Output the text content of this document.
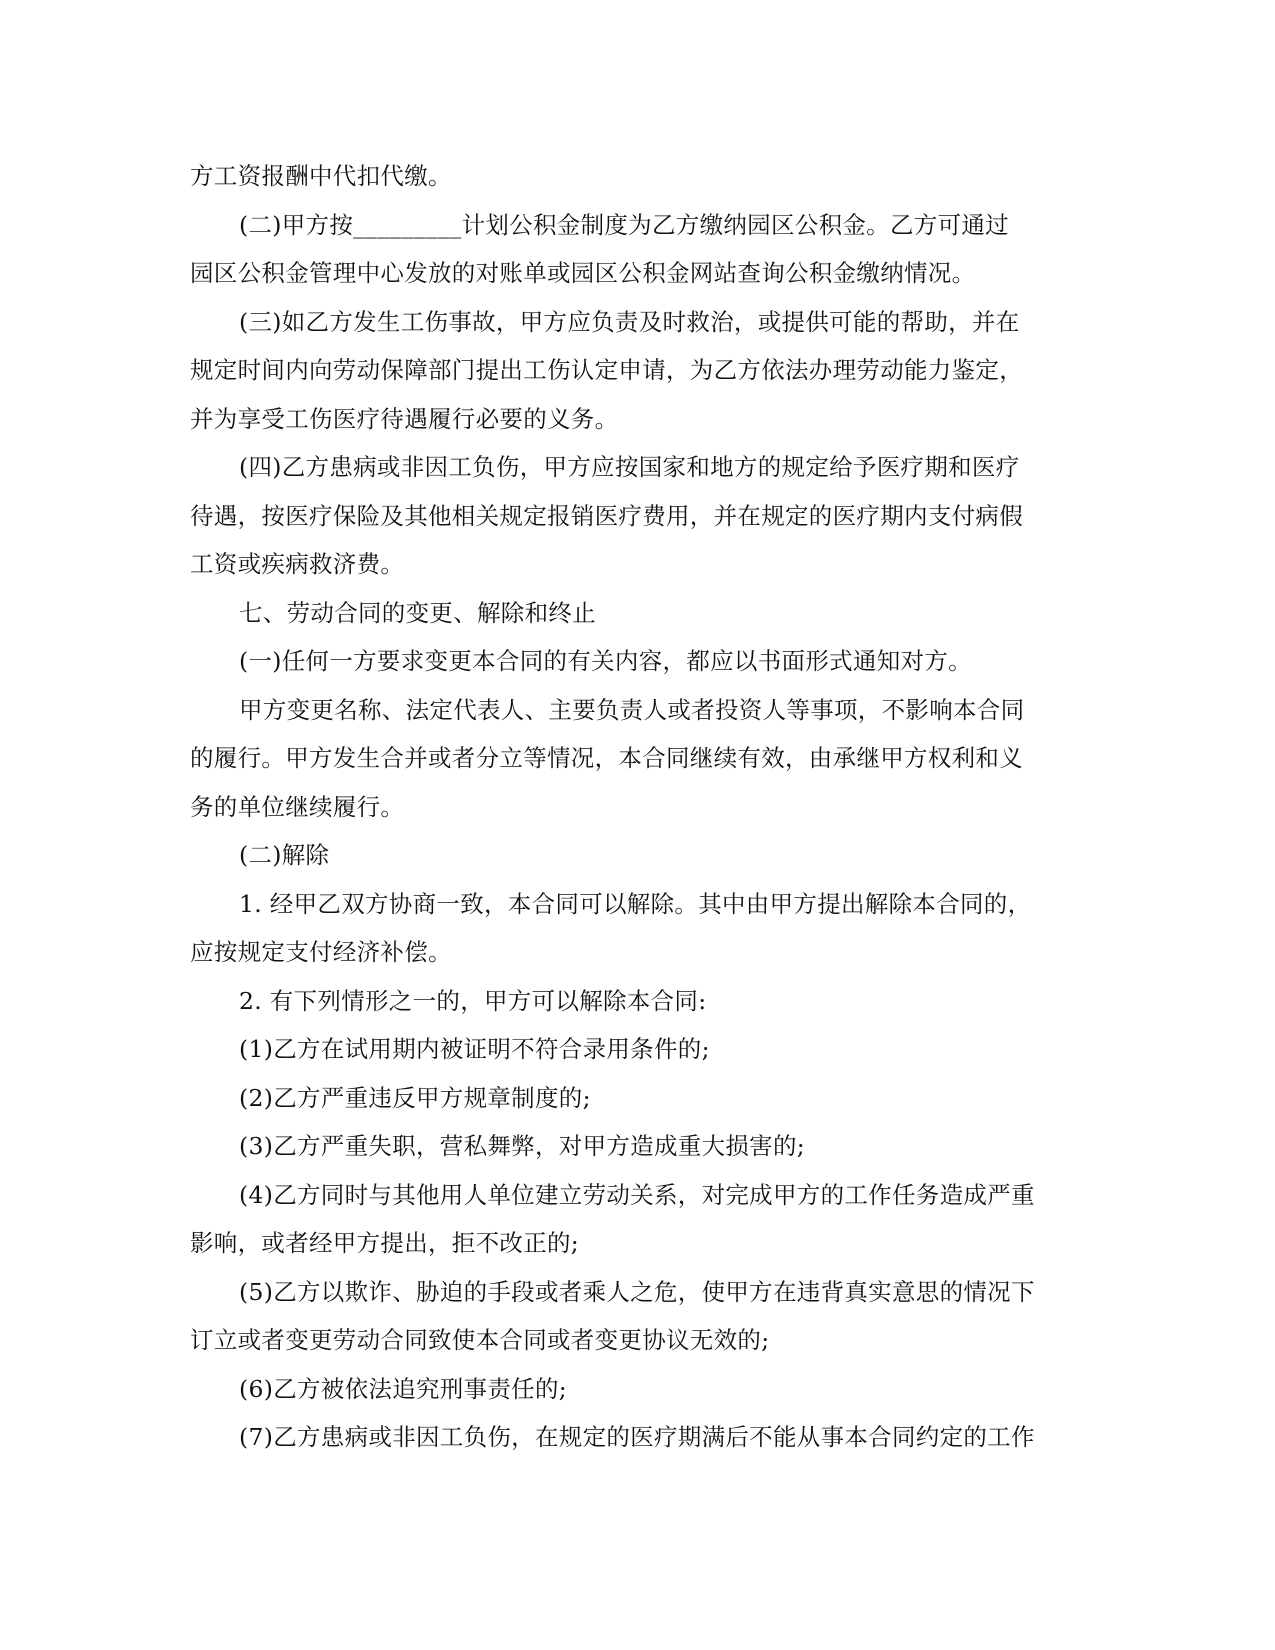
方工资报酬中代扣代缴。
(二)甲方按_________计划公积金制度为乙方缴纳园区公积金。乙方可通过
园区公积金管理中心发放的对账单或园区公积金网站查询公积金缴纳情况。
(三)如乙方发生工伤事故，甲方应负责及时救治，或提供可能的帮助，并在
规定时间内向劳动保障部门提出工伤认定申请，为乙方依法办理劳动能力鉴定，
并为享受工伤医疗待遇履行必要的义务。
(四)乙方患病或非因工负伤，甲方应按国家和地方的规定给予医疗期和医疗
待遇，按医疗保险及其他相关规定报销医疗费用，并在规定的医疗期内支付病假
工资或疾病救济费。
七、劳动合同的变更、解除和终止
(一)任何一方要求变更本合同的有关内容，都应以书面形式通知对方。
甲方变更名称、法定代表人、主要负责人或者投资人等事项，不影响本合同
的履行。甲方发生合并或者分立等情况，本合同继续有效，由承继甲方权利和义
务的单位继续履行。
(二)解除
1. 经甲乙双方协商一致，本合同可以解除。其中由甲方提出解除本合同的，
应按规定支付经济补偿。
2. 有下列情形之一的，甲方可以解除本合同:
(1)乙方在试用期内被证明不符合录用条件的;
(2)乙方严重违反甲方规章制度的;
(3)乙方严重失职，营私舞弊，对甲方造成重大损害的;
(4)乙方同时与其他用人单位建立劳动关系，对完成甲方的工作任务造成严重
影响，或者经甲方提出，拒不改正的;
(5)乙方以欺诈、胁迫的手段或者乘人之危，使甲方在违背真实意思的情况下
订立或者变更劳动合同致使本合同或者变更协议无效的;
(6)乙方被依法追究刑事责任的;
(7)乙方患病或非因工负伤，在规定的医疗期满后不能从事本合同约定的工作
